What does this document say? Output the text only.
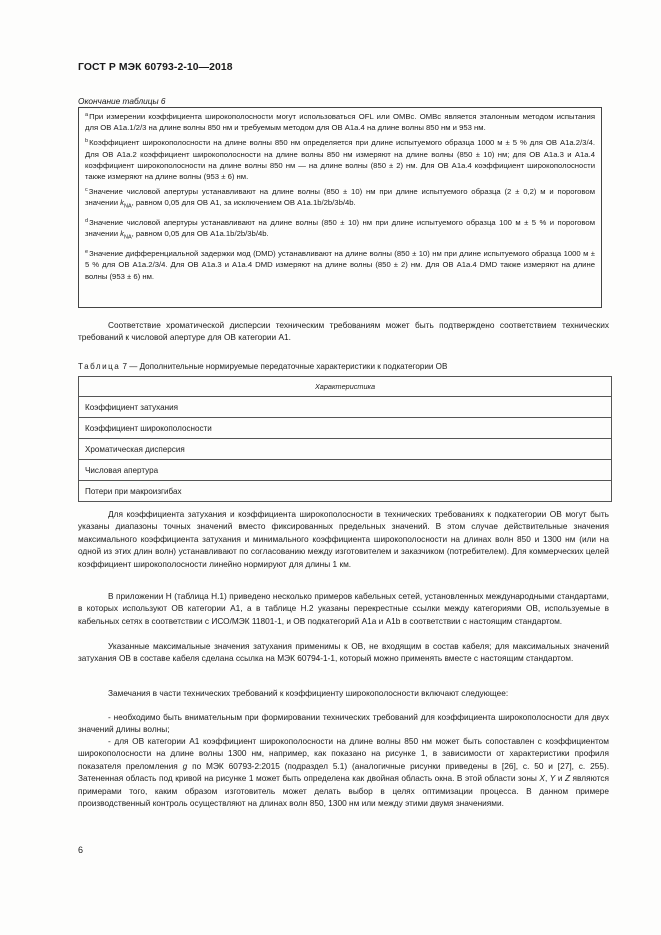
ГОСТ Р МЭК 60793-2-10—2018
Окончание таблицы 6

$^a$При измерении коэффициента широкополосности могут использоваться OFL или OMBc. OMBc является эталонным методом испытания для ОВ A1a.1/2/3 на длине волны 850 нм и требуемым методом для ОВ A1a.4 на длине волны 850 нм и 953 нм.

$^b$Коэффициент широкополосности на длине волны 850 нм определяется при длине испытуемого образца 1000 м ± 5 % для ОВ A1a.2/3/4. Для ОВ A1a.2 коэффициент широкополосности на длине волны 850 нм измеряют на длине волны (850 ± 10) нм; для ОВ A1a.3 и A1a.4 коэффициент широкополосности на длине волны 850 нм — на длине волны (850 ± 2) нм. Для ОВ A1a.4 коэффициент широкополосности также измеряют на длине волны (953 ± 6) нм.

$^c$Значение числовой апертуры устанавливают на длине волны (850 ± 10) нм при длине испытуемого образца (2 ± 0,2) м и пороговом значении $k_{NA}$, равном 0,05 для ОВ A1, за исключением ОВ A1a.1b/2b/3b/4b.

$^d$Значение числовой апертуры устанавливают на длине волны (850 ± 10) нм при длине испытуемого образца 100 м ± 5 % и пороговом значении $k_{NA}$, равном 0,05 для ОВ A1a.1b/2b/3b/4b.

$^e$Значение дифференциальной задержки мод (DMD) устанавливают на длине волны (850 ± 10) нм при длине испытуемого образца 1000 м ± 5 % для ОВ A1a.2/3/4. Для ОВ A1a.3 и A1a.4 DMD измеряют на длине волны (850 ± 2) нм. Для ОВ A1a.4 DMD также измеряют на длине волны (953 ± 6) нм.

Соответствие хроматической дисперсии техническим требованиям может быть подтверждено соответствием технических требований к числовой апертуре для ОВ категории А1.

Таблица 7 — Дополнительные нормируемые передаточные характеристики к подкатегории ОВ
Характеристика
Коэффициент затухания
Коэффициент широкополосности
Хроматическая дисперсия
Числовая апертура
Потери при макроизгибах

Для коэффициента затухания и коэффициента широкополосности в технических требованиях к подкатегории ОВ могут быть указаны диапазоны точных значений вместо фиксированных предельных значений. В этом случае действительные значения максимального коэффициента затухания и минимального коэффициента широкополосности на длинах волн 850 и 1300 нм (или на одной из этих длин волн) устанавливают по согласованию между изготовителем и заказчиком (потребителем). Для коммерческих целей коэффициент широкополосности линейно нормируют для длины 1 км.

В приложении Н (таблица Н.1) приведено несколько примеров кабельных сетей, установленных международными стандартами, в которых используют ОВ категории А1, а в таблице Н.2 указаны перекрестные ссылки между категориями ОВ, используемые в кабельных сетях в соответствии с ИСО/МЭК 11801-1, и ОВ подкатегорий А1а и А1b в соответствии с настоящим стандартом.

Указанные максимальные значения затухания применимы к ОВ, не входящим в состав кабеля; для максимальных значений затухания ОВ в составе кабеля сделана ссылка на МЭК 60794-1-1, который можно применять вместе с настоящим стандартом.

Замечания в части технических требований к коэффициенту широкополосности включают следующее:

- необходимо быть внимательным при формировании технических требований для коэффициента широкополосности для двух значений длины волны;

- для ОВ категории А1 коэффициент широкополосности на длине волны 850 нм может быть сопоставлен с коэффициентом широкополосности на длине волны 1300 нм, например, как показано на рисунке 1, в зависимости от характеристики профиля показателя преломления g по МЭК 60793-2:2015 (подраздел 5.1) (аналогичные рисунки приведены в [26], с. 50 и [27], с. 255). Затененная область под кривой на рисунке 1 может быть определена как двойная область окна. В этой области зоны X, Y и Z являются примерами того, каким образом изготовитель может делать выбор в целях оптимизации процесса. В данном примере производственный контроль осуществляют на длинах волн 850, 1300 нм или между этими двумя значениями.

6
